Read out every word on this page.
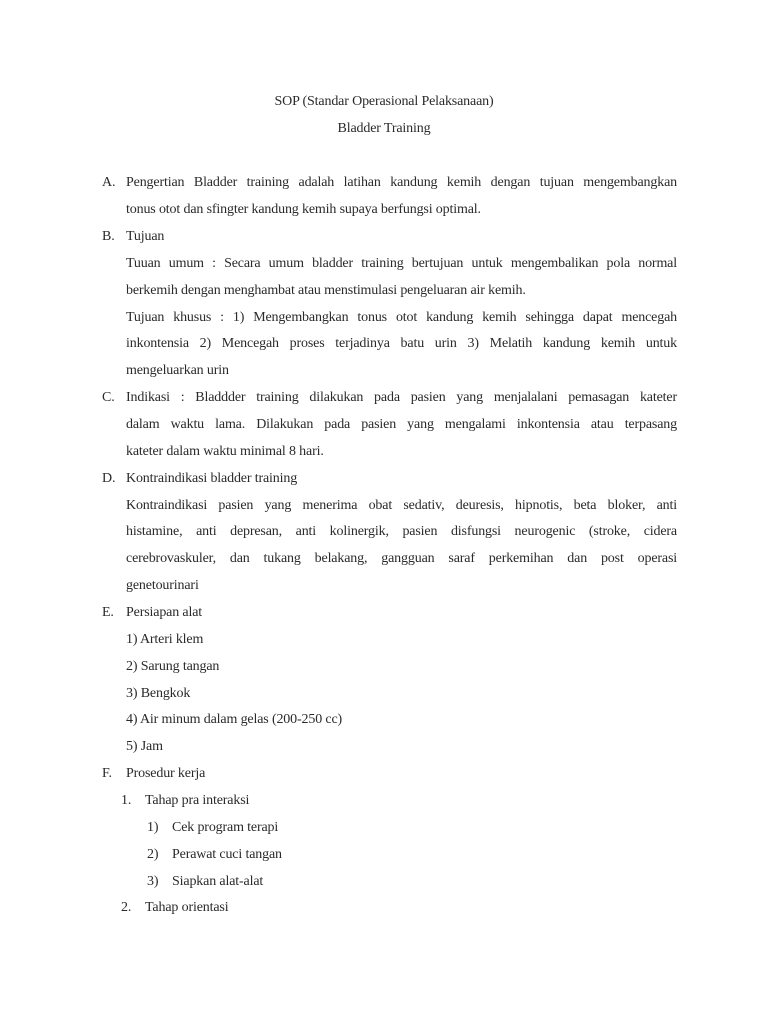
SOP (Standar Operasional Pelaksanaan)
Bladder Training
A. Pengertian Bladder training adalah latihan kandung kemih dengan tujuan mengembangkan
tonus otot dan sfingter kandung kemih supaya berfungsi optimal.
B. Tujuan
Tuuan umum : Secara umum bladder training bertujuan untuk mengembalikan pola normal
berkemih dengan menghambat atau menstimulasi pengeluaran air kemih.
Tujuan khusus : 1) Mengembangkan tonus otot kandung kemih sehingga dapat mencegah
inkontensia 2) Mencegah proses terjadinya batu urin 3) Melatih kandung kemih untuk
mengeluarkan urin
C. Indikasi : Bladdder training dilakukan pada pasien yang menjalalani pemasagan kateter
dalam waktu lama. Dilakukan pada pasien yang mengalami inkontensia atau terpasang
kateter dalam waktu minimal 8 hari.
D. Kontraindikasi bladder training
Kontraindikasi pasien yang menerima obat sedativ, deuresis, hipnotis, beta bloker, anti
histamine, anti depresan, anti kolinergik, pasien disfungsi neurogenic (stroke, cidera
cerebrovaskuler, dan tukang belakang, gangguan saraf perkemihan dan post operasi
genetourinari
E. Persiapan alat
1) Arteri klem
2) Sarung tangan
3) Bengkok
4) Air minum dalam gelas (200-250 cc)
5) Jam
F. Prosedur kerja
1. Tahap pra interaksi
1) Cek program terapi
2) Perawat cuci tangan
3) Siapkan alat-alat
2. Tahap orientasi
